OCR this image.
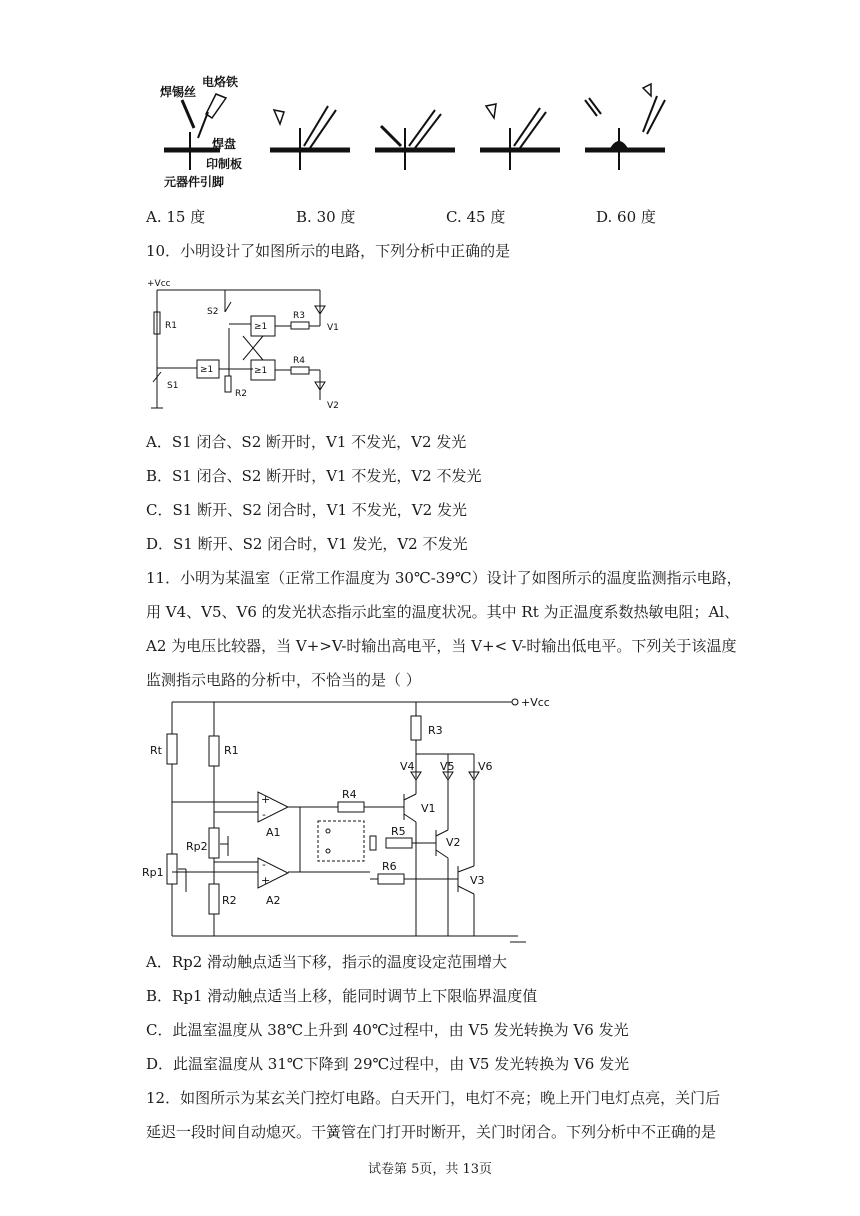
焊锡丝
电烙铁
焊盘
印制板
元器件引脚
A. 15 度	B. 30 度	C. 45 度	D. 60 度
10．小明设计了如图所示的电路，下列分析中正确的是
+Vcc
R1
S1
≥1
R2
S2
≥1
≥1
R3
R4
V1
V2
A．S1 闭合、S2 断开时，V1 不发光，V2 发光
B．S1 闭合、S2 断开时，V1 不发光，V2 不发光
C．S1 断开、S2 闭合时，V1 不发光，V2 发光
D．S1 断开、S2 闭合时，V1 发光，V2 不发光
11．小明为某温室（正常工作温度为 30℃-39℃）设计了如图所示的温度监测指示电路，
用 V4、V5、V6 的发光状态指示此室的温度状况。其中 Rt 为正温度系数热敏电阻；Al、
A2 为电压比较器，当 V+>V-时输出高电平，当 V+< V-时输出低电平。下列关于该温度
监测指示电路的分析中，不恰当的是（ ）
+Vcc
Rt
Rp1
R1
Rp2
R2
+
-
A1
-
+
A2
R4
R5
R6
R3
V4 V5 V6
V1
V2
V3
A．Rp2 滑动触点适当下移，指示的温度设定范围增大
B．Rp1 滑动触点适当上移，能同时调节上下限临界温度值
C．此温室温度从 38℃上升到 40℃过程中，由 V5 发光转换为 V6 发光
D．此温室温度从 31℃下降到 29℃过程中，由 V5 发光转换为 V6 发光
12．如图所示为某玄关门控灯电路。白天开门，电灯不亮；晚上开门电灯点亮，关门后
延迟一段时间自动熄灭。干簧管在门打开时断开，关门时闭合。下列分析中不正确的是
试卷第 5页，共 13页
